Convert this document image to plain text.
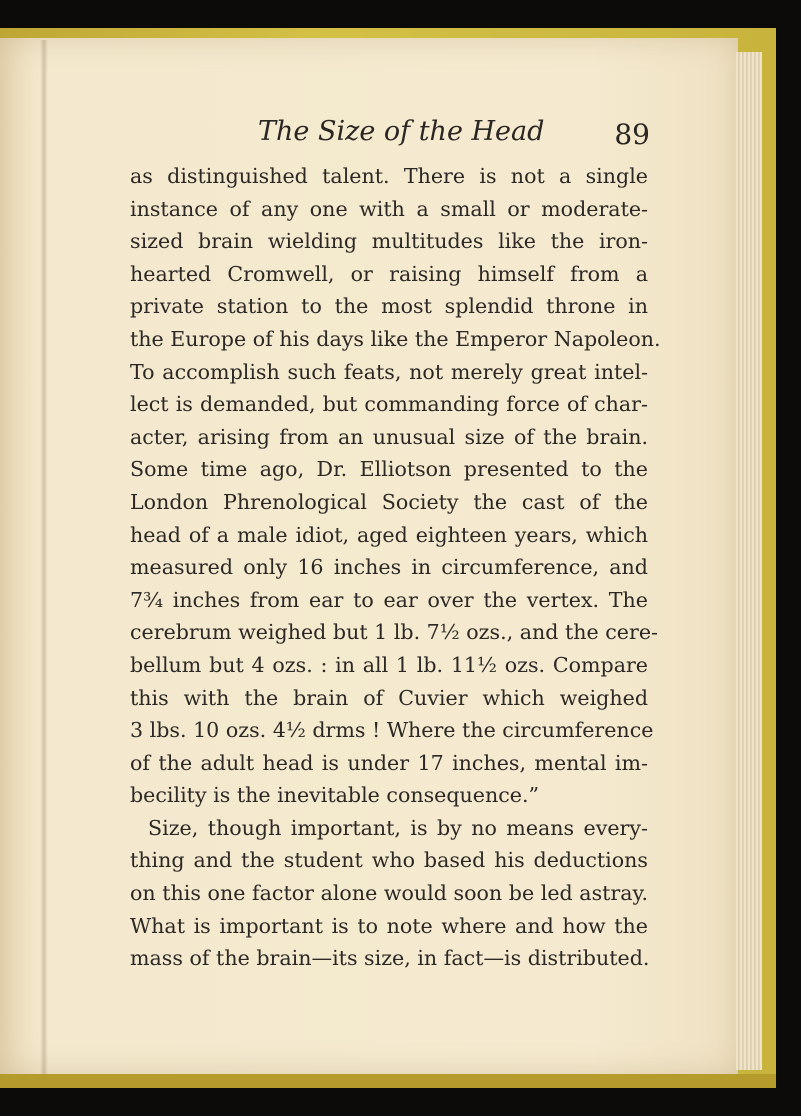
The Size of the Head 89
as distinguished talent. There is not a single
instance of any one with a small or moderate-
sized brain wielding multitudes like the iron-
hearted Cromwell, or raising himself from a
private station to the most splendid throne in
the Europe of his days like the Emperor Napoleon.
To accomplish such feats, not merely great intel-
lect is demanded, but commanding force of char-
acter, arising from an unusual size of the brain.
Some time ago, Dr. Elliotson presented to the
London Phrenological Society the cast of the
head of a male idiot, aged eighteen years, which
measured only 16 inches in circumference, and
7¾ inches from ear to ear over the vertex. The
cerebrum weighed but 1 lb. 7½ ozs., and the cere-
bellum but 4 ozs. : in all 1 lb. 11½ ozs. Compare
this with the brain of Cuvier which weighed
3 lbs. 10 ozs. 4½ drms ! Where the circumference
of the adult head is under 17 inches, mental im-
becility is the inevitable consequence.”
Size, though important, is by no means every-
thing and the student who based his deductions
on this one factor alone would soon be led astray.
What is important is to note where and how the
mass of the brain—its size, in fact—is distributed.
